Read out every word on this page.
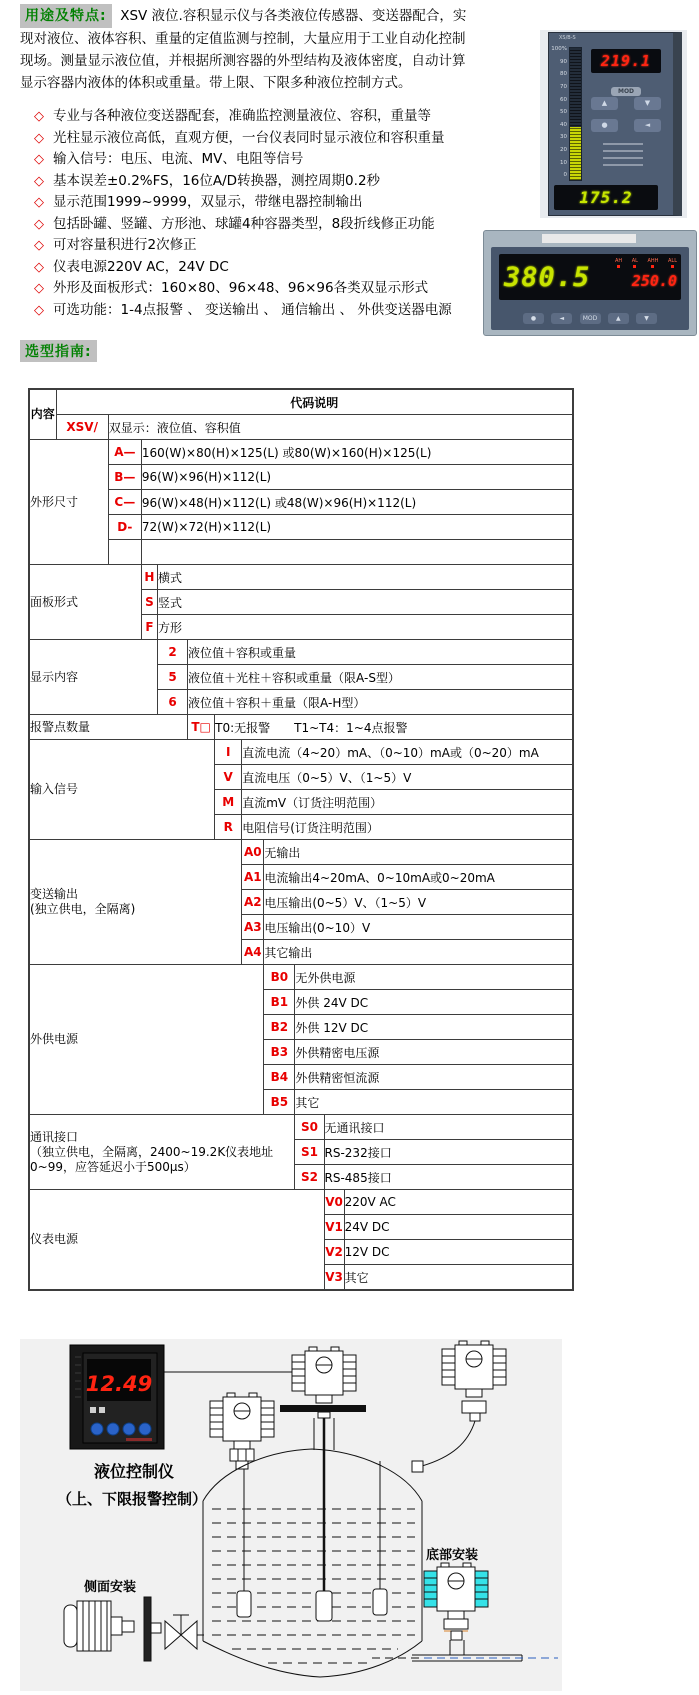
XS/B-S
100%
90
80
70
60
50
40
30
20
10
0
219.1
MOD
▲	▼
●	◄
175.2
380.5
AH AL AHH ALL
250.0
●	◄	MOD	▲	▼

用途及特点: XSV 液位.容积显示仪与各类液位传感器、变送器配合，实现对液位、液体容积、重量的定值监测与控制，大量应用于工业自动化控制现场。测量显示液位值，并根据所测容器的外型结构及液体密度，自动计算显示容器内液体的体积或重量。带上限、下限多种液位控制方式。

◇ 专业与各种液位变送器配套，准确监控测量液位、容积，重量等
◇ 光柱显示液位高低，直观方便，一台仪表同时显示液位和容积重量
◇ 输入信号：电压、电流、MV、电阻等信号
◇ 基本误差±0.2%FS，16位A/D转换器，测控周期0.2秒
◇ 显示范围1999~9999，双显示，带继电器控制输出
◇ 包括卧罐、竖罐、方形池、球罐4种容器类型，8段折线修正功能
◇ 可对容量积进行2次修正
◇ 仪表电源220V AC，24V DC
◇ 外形及面板形式：160×80、96×48、96×96各类双显示形式
◇ 可选功能：1-4点报警 、 变送输出 、 通信输出 、 外供变送器电源
选型指南:
内容	代码说明										
	XSV/	双显示：液位值、容积值									
外形尺寸		A—	160(W)×80(H)×125(L) 或80(W)×160(H)×125(L)								
		B—	96(W)×96(H)×112(L)								
		C—	96(W)×48(H)×112(L) 或48(W)×96(H)×112(L)								
		D-	72(W)×72(H)×112(L)								

面板形式			H	横式							
			S	竖式							
			F	方形							
显示内容				2	液位值＋容积或重量						
				5	液位值＋光柱＋容积或重量（限A-S型）						
				6	液位值＋容积＋重量（限A-H型）						
报警点数量					T□	T0:无报警　　T1~T4：1~4点报警					
输入信号						I	直流电流（4~20）mA、（0~10）mA或（0~20）mA				
						V	直流电压（0~5）V、（1~5）V				
						M	直流mV（订货注明范围）				
						R	电阻信号(订货注明范围）				
变送输出
(独立供电，全隔离)							A0	无输出			
							A1	电流输出4~20mA、0~10mA或0~20mA			
							A2	电压输出(0~5）V、（1~5）V			
							A3	电压输出(0~10）V			
							A4	其它输出			
外供电源								B0	无外供电源		
								B1	外供 24V DC		
								B2	外供 12V DC		
								B3	外供精密电压源		
								B4	外供精密恒流源		
								B5	其它		
通讯接口
（独立供电，全隔离，2400~19.2K仪表地址
0~99，应答延迟小于500µs）									S0	无通讯接口	
									S1	RS-232接口	
									S2	RS-485接口	
仪表电源										V0	220V AC
										V1	24V DC
										V2	12V DC
										V3	其它
12.49
液位控制仪
（上、下限报警控制）
侧面安装
底部安装
